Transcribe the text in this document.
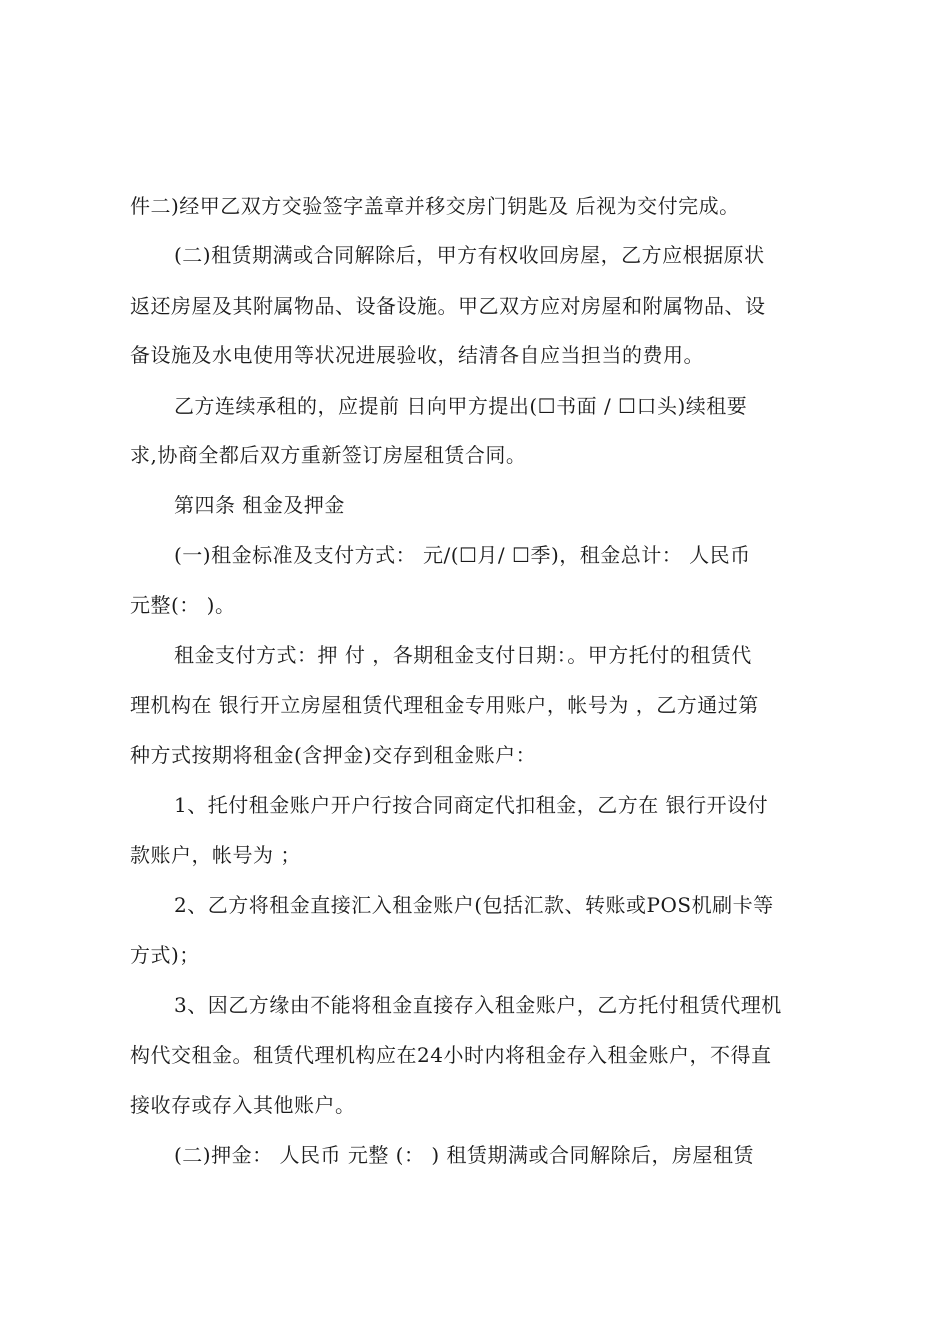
件二)经甲乙双方交验签字盖章并移交房门钥匙及 后视为交付完成。
(二)租赁期满或合同解除后，甲方有权收回房屋，乙方应根据原状
返还房屋及其附属物品、设备设施。甲乙双方应对房屋和附属物品、设
备设施及水电使用等状况进展验收，结清各自应当担当的费用。
乙方连续承租的，应提前 日向甲方提出(☐书面 / ☐口头)续租要
求,协商全都后双方重新签订房屋租赁合同。
第四条 租金及押金
(一)租金标准及支付方式： 元/(☐月/ ☐季)，租金总计： 人民币
元整(： )。
租金支付方式：押 付 ，各期租金支付日期：。甲方托付的租赁代
理机构在 银行开立房屋租赁代理租金专用账户，帐号为 ，乙方通过第
种方式按期将租金(含押金)交存到租金账户：
1、托付租金账户开户行按合同商定代扣租金，乙方在 银行开设付
款账户，帐号为 ；
2、乙方将租金直接汇入租金账户(包括汇款、转账或POS机刷卡等
方式)；
3、因乙方缘由不能将租金直接存入租金账户，乙方托付租赁代理机
构代交租金。租赁代理机构应在24小时内将租金存入租金账户，不得直
接收存或存入其他账户。
(二)押金： 人民币 元整 (： ) 租赁期满或合同解除后，房屋租赁
